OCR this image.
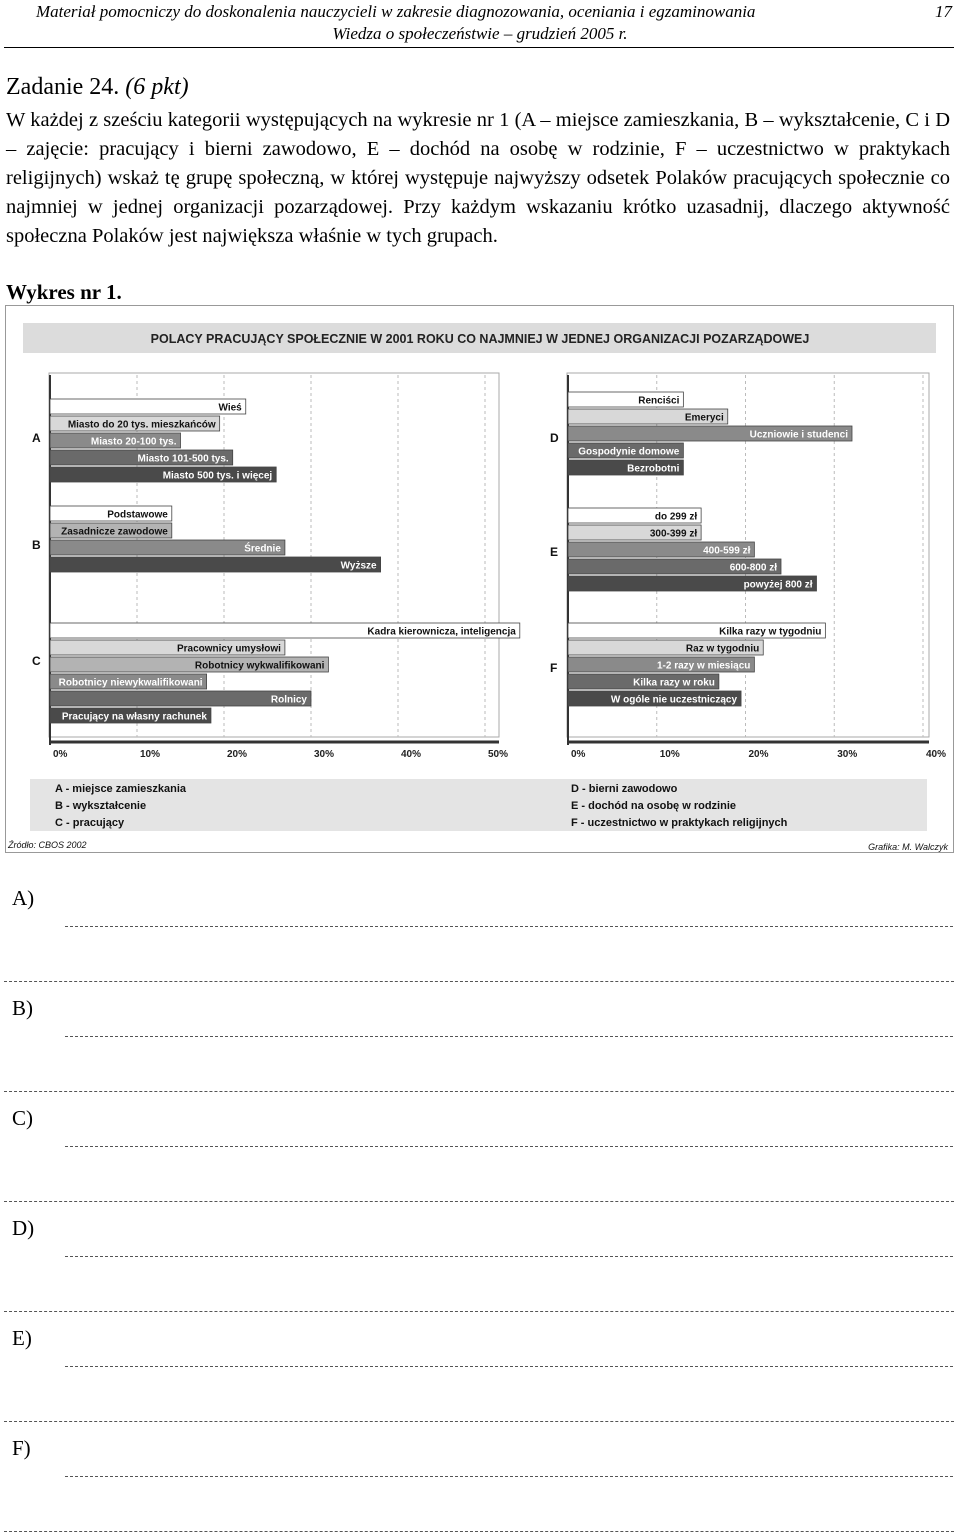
Materiał pomocniczy do doskonalenia nauczycieli w zakresie diagnozowania, oceniania i egzaminowania	17
Wiedza o społeczeństwie – grudzień 2005 r.
Zadanie 24. (6 pkt)
W każdej z sześciu kategorii występujących na wykresie nr 1 (A – miejsce zamieszkania, B – wykształcenie, C i D – zajęcie: pracujący i bierni zawodowo, E – dochód na osobę w rodzinie, F – uczestnictwo w praktykach religijnych) wskaż tę grupę społeczną, w której występuje najwyższy odsetek Polaków pracujących społecznie co najmniej w jednej organizacji pozarządowej. Przy każdym wskazaniu krótko uzasadnij, dlaczego aktywność społeczna Polaków jest największa właśnie w tych grupach.
Wykres nr 1.
POLACY PRACUJĄCY SPOŁECZNIE W 2001 ROKU CO NAJMNIEJ W JEDNEJ ORGANIZACJI POZARZĄDOWEJ
0%	10%	20%	30%	40%	50%
A
Wieś
Miasto do 20 tys. mieszkańców
Miasto 20-100 tys.
Miasto 101-500 tys.
Miasto 500 tys. i więcej
B
Podstawowe
Zasadnicze zawodowe
Średnie
Wyższe
C
Kadra kierownicza, inteligencja
Pracownicy umysłowi
Robotnicy wykwalifikowani
Robotnicy niewykwalifikowani
Rolnicy
Pracujący na własny rachunek
0%	10%	20%	30%	40%
D
Renciści
Emeryci
Uczniowie i studenci
Gospodynie domowe
Bezrobotni
E
do 299 zł
300-399 zł
400-599 zł
600-800 zł
powyżej 800 zł
F
Kilka razy w tygodniu
Raz w tygodniu
1-2 razy w miesiącu
Kilka razy w roku
W ogóle nie uczestniczący
A - miejsce zamieszkania
B - wykształcenie
C - pracujący
D - bierni zawodowo
E - dochód na osobę w rodzinie
F - uczestnictwo w praktykach religijnych
Źródło: CBOS 2002	Grafika: M. Walczyk
A)
B)
C)
D)
E)
F)
